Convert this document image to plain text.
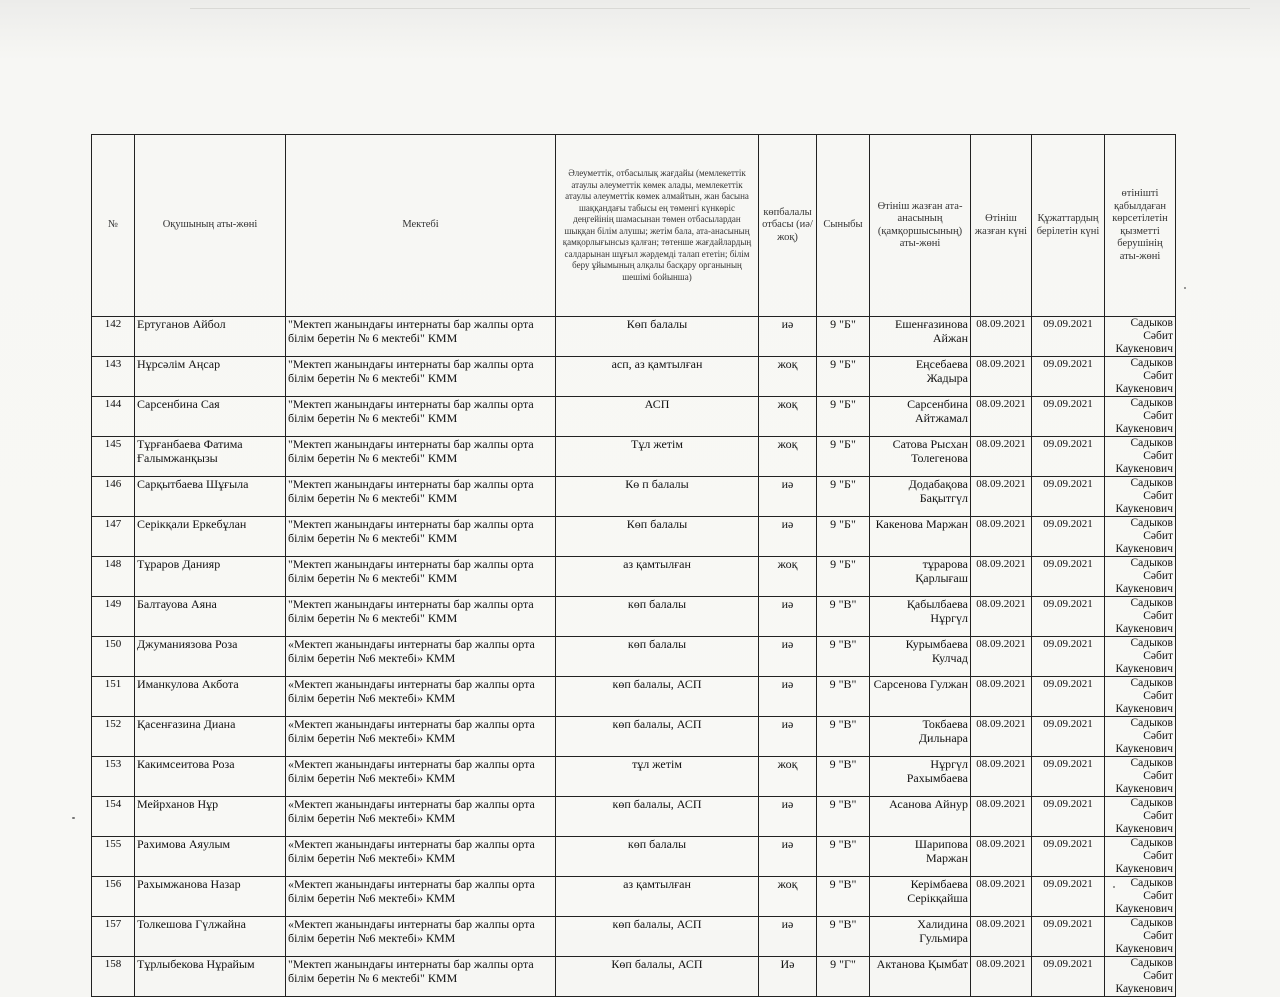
№	Оқушының аты-жөні	Мектебі	Әлеуметтік, отбасылық жағдайы (мемлекеттік атаулы әлеуметтік көмек алады, мемлекеттік атаулы әлеуметтік көмек алмайтын, жан басына шаққандағы табысы ең төменгі күнкөріс деңгейінің шамасынан төмен отбасылардан шыққан білім алушы; жетім бала, ата-анасының қамқорлығынсыз қалған; төтенше жағдайлардың салдарынан шұғыл жәрдемді талап ететін; білім беру ұйымының алқалы басқару органының шешімі бойынша)	көпбалалы отбасы (иә/жоқ)	Сыныбы	Өтініш жазған ата-анасының (қамқоршысының) аты-жөні	Өтініш жазған күні	Құжаттардың берілетін күні	өтінішті қабылдаған көрсетілетін қызметті берушінің аты-жөні
142	Ертуганов Айбол	"Мектеп жанындағы интернаты бар жалпы орта білім беретін № 6 мектебі" КММ	Көп балалы	иә	9 "Б"	Ешенғазинова Айжан	08.09.2021	09.09.2021	Садыков Сәбит Каукенович
143	Нұрсәлім Аңсар	"Мектеп жанындағы интернаты бар жалпы орта білім беретін № 6 мектебі" КММ	асп, аз қамтылған	жоқ	9 "Б"	Еңсебаева Жадыра	08.09.2021	09.09.2021	Садыков Сәбит Каукенович
144	Сарсенбина Сая	"Мектеп жанындағы интернаты бар жалпы орта білім беретін № 6 мектебі" КММ	АСП	жоқ	9 "Б"	Сарсенбина Айтжамал	08.09.2021	09.09.2021	Садыков Сәбит Каукенович
145	Тұрғанбаева Фатима Ғалымжанқызы	"Мектеп жанындағы интернаты бар жалпы орта білім беретін № 6 мектебі" КММ	Тұл жетім	жоқ	9 "Б"	Сатова Рысхан Толегенова	08.09.2021	09.09.2021	Садыков Сәбит Каукенович
146	Сарқытбаева Шұғыла	"Мектеп жанындағы интернаты бар жалпы орта білім беретін № 6 мектебі" КММ	Кө п балалы	иә	9 "Б"	Додабақова Бақытгүл	08.09.2021	09.09.2021	Садыков Сәбит Каукенович
147	Серікқали Еркебұлан	"Мектеп жанындағы интернаты бар жалпы орта білім беретін № 6 мектебі" КММ	Көп балалы	иә	9 "Б"	Какенова Маржан	08.09.2021	09.09.2021	Садыков Сәбит Каукенович
148	Тұраров Данияр	"Мектеп жанындағы интернаты бар жалпы орта білім беретін № 6 мектебі" КММ	аз қамтылған	жоқ	9 "Б"	тұрарова Қарлығаш	08.09.2021	09.09.2021	Садыков Сәбит Каукенович
149	Балтауова Аяна	"Мектеп жанындағы интернаты бар жалпы орта білім беретін № 6 мектебі" КММ	көп балалы	иә	9 "В"	Қабылбаева Нұргүл	08.09.2021	09.09.2021	Садыков Сәбит Каукенович
150	Джуманиязова Роза	«Мектеп жанындағы интернаты бар жалпы орта білім беретін №6 мектебі» КММ	көп балалы	иә	9 "В"	Курымбаева Кулчад	08.09.2021	09.09.2021	Садыков Сәбит Каукенович
151	Иманкулова Акбота	«Мектеп жанындағы интернаты бар жалпы орта білім беретін №6 мектебі» КММ	көп балалы, АСП	иә	9 "В"	Сарсенова Гулжан	08.09.2021	09.09.2021	Садыков Сәбит Каукенович
152	Қасенғазина Диана	«Мектеп жанындағы интернаты бар жалпы орта білім беретін №6 мектебі» КММ	көп балалы, АСП	иә	9 "В"	Токбаева Дильнара	08.09.2021	09.09.2021	Садыков Сәбит Каукенович
153	Какимсеитова Роза	«Мектеп жанындағы интернаты бар жалпы орта білім беретін №6 мектебі» КММ	тұл жетім	жоқ	9 "В"	Нұргүл Рахымбаева	08.09.2021	09.09.2021	Садыков Сәбит Каукенович
154	Мейрханов Нұр	«Мектеп жанындағы интернаты бар жалпы орта білім беретін №6 мектебі» КММ	көп балалы, АСП	иә	9 "В"	Асанова Айнур	08.09.2021	09.09.2021	Садыков Сәбит Каукенович
155	Рахимова Аяулым	«Мектеп жанындағы интернаты бар жалпы орта білім беретін №6 мектебі» КММ	көп балалы	иә	9 "В"	Шарипова Маржан	08.09.2021	09.09.2021	Садыков Сәбит Каукенович
156	Рахымжанова Назар	«Мектеп жанындағы интернаты бар жалпы орта білім беретін №6 мектебі» КММ	аз қамтылған	жоқ	9 "В"	Керімбаева Серікқайша	08.09.2021	09.09.2021	Садыков Сәбит Каукенович
157	Толкешова Гүлжайна	«Мектеп жанындағы интернаты бар жалпы орта білім беретін №6 мектебі» КММ	көп балалы, АСП	иә	9 "В"	Халидина Гульмира	08.09.2021	09.09.2021	Садыков Сәбит Каукенович
158	Тұрлыбекова Нұрайым	"Мектеп жанындағы интернаты бар жалпы орта білім беретін № 6 мектебі" КММ	Көп балалы, АСП	Иә	9 "Г"	Актанова Қымбат	08.09.2021	09.09.2021	Садыков Сәбит Каукенович
